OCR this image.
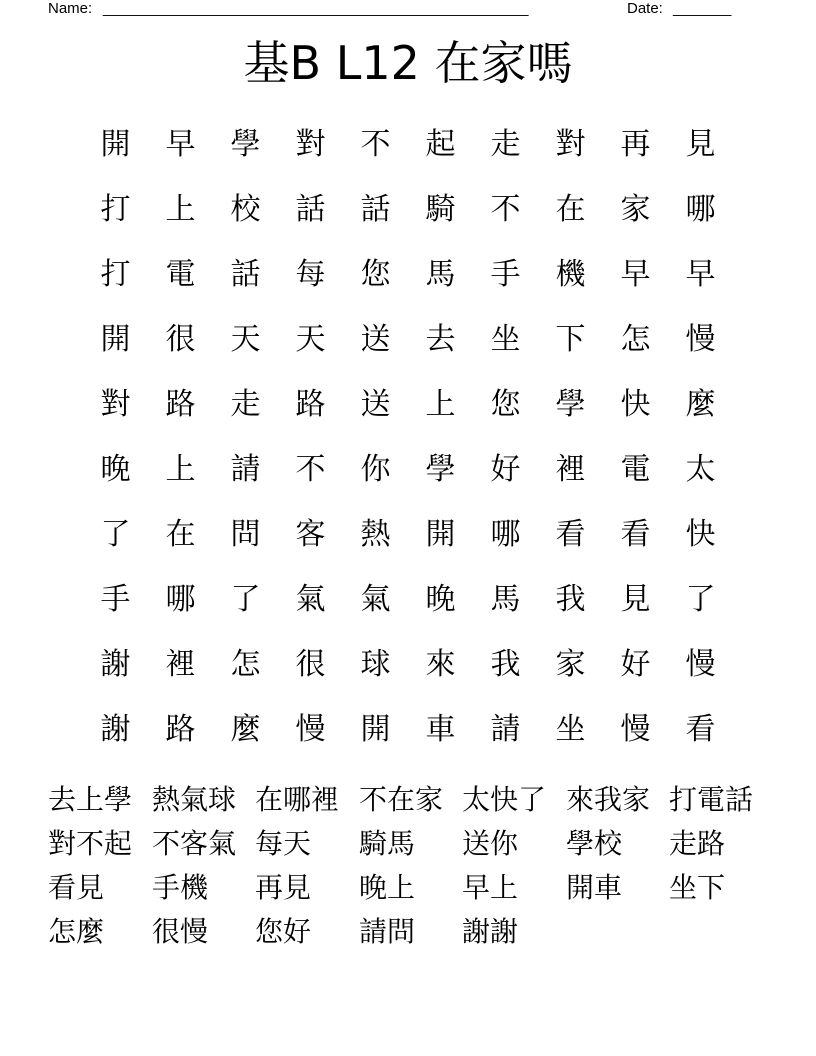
Name: ___________________________________________________	Date: _______
基B L12 在家嗎
開	早	學	對	不	起	走	對	再	見
打	上	校	話	話	騎	不	在	家	哪
打	電	話	每	您	馬	手	機	早	早
開	很	天	天	送	去	坐	下	怎	慢
對	路	走	路	送	上	您	學	快	麼
晚	上	請	不	你	學	好	裡	電	太
了	在	問	客	熱	開	哪	看	看	快
手	哪	了	氣	氣	晚	馬	我	見	了
謝	裡	怎	很	球	來	我	家	好	慢
謝	路	麼	慢	開	車	請	坐	慢	看
去上學 熱氣球 在哪裡 不在家 太快了 來我家 打電話
對不起 不客氣 每天 騎馬 送你 學校 走路
看見 手機 再見 晚上 早上 開車 坐下
怎麼 很慢 您好 請問 謝謝
